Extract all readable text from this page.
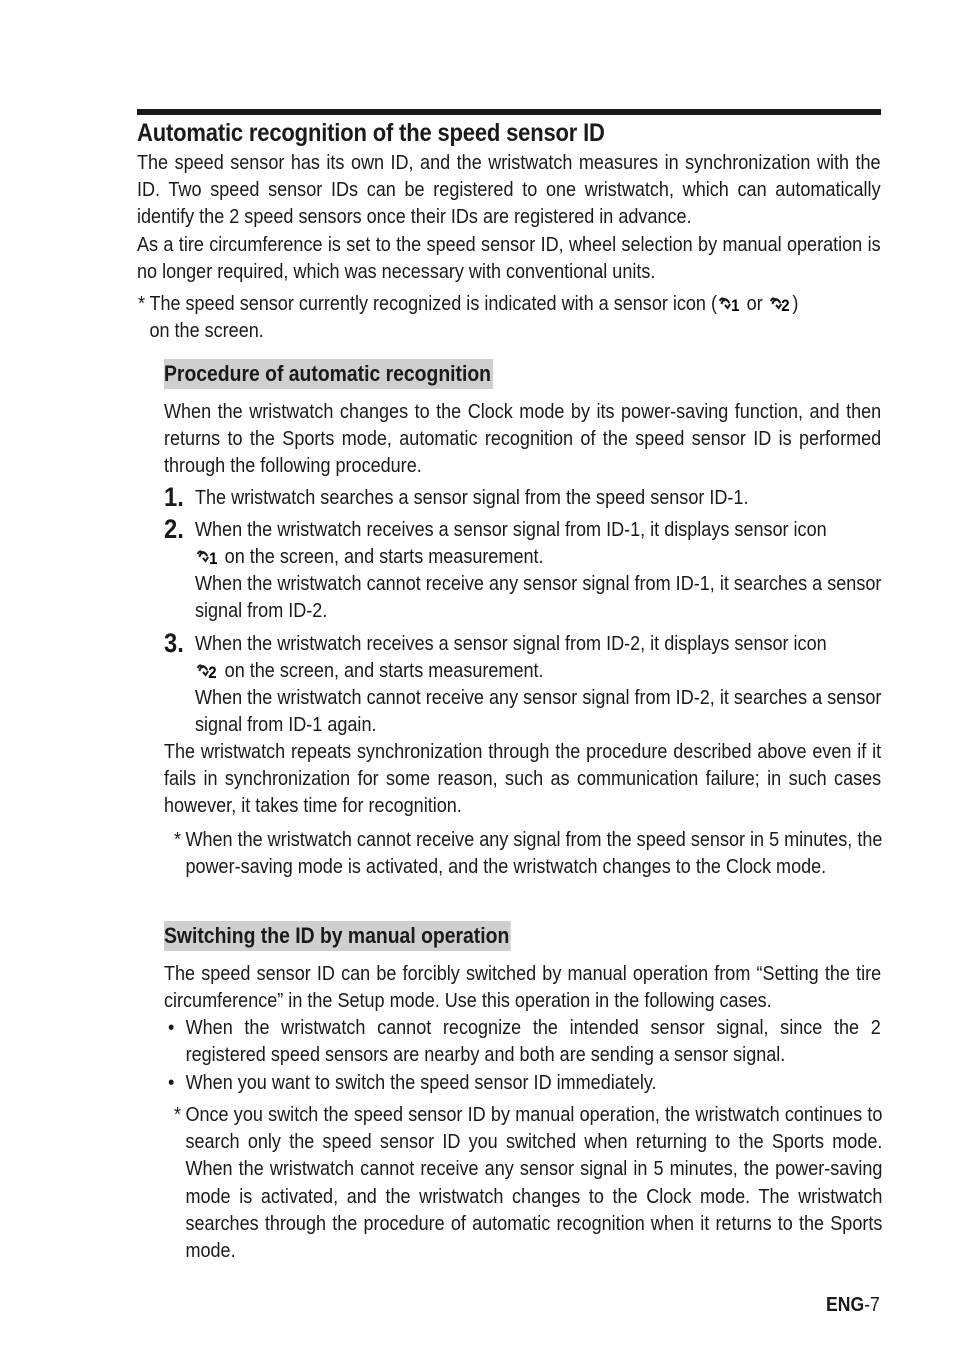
Automatic recognition of the speed sensor ID
The speed sensor has its own ID, and the wristwatch measures in synchronization with the ID. Two speed sensor IDs can be registered to one wristwatch, which can automatically identify the 2 speed sensors once their IDs are registered in advance.
As a tire circumference is set to the speed sensor ID, wheel selection by manual operation is no longer required, which was necessary with conventional units.
* The speed sensor currently recognized is indicated with a sensor icon ( 1 or 2 )
on the screen.
Procedure of automatic recognition
When the wristwatch changes to the Clock mode by its power-saving function, and then returns to the Sports mode, automatic recognition of the speed sensor ID is performed through the following procedure.
1. The wristwatch searches a sensor signal from the speed sensor ID-1.
2. When the wristwatch receives a sensor signal from ID-1, it displays sensor icon
1 on the screen, and starts measurement.
When the wristwatch cannot receive any sensor signal from ID-1, it searches a sensor signal from ID-2.
3. When the wristwatch receives a sensor signal from ID-2, it displays sensor icon
2 on the screen, and starts measurement.
When the wristwatch cannot receive any sensor signal from ID-2, it searches a sensor signal from ID-1 again.
The wristwatch repeats synchronization through the procedure described above even if it fails in synchronization for some reason, such as communication failure; in such cases however, it takes time for recognition.
* When the wristwatch cannot receive any signal from the speed sensor in 5 minutes, the power-saving mode is activated, and the wristwatch changes to the Clock mode.
Switching the ID by manual operation
The speed sensor ID can be forcibly switched by manual operation from “Setting the tire circumference” in the Setup mode. Use this operation in the following cases.
• When the wristwatch cannot recognize the intended sensor signal, since the 2 registered speed sensors are nearby and both are sending a sensor signal.
• When you want to switch the speed sensor ID immediately.
* Once you switch the speed sensor ID by manual operation, the wristwatch continues to search only the speed sensor ID you switched when returning to the Sports mode. When the wristwatch cannot receive any sensor signal in 5 minutes, the power-saving mode is activated, and the wristwatch changes to the Clock mode. The wristwatch searches through the procedure of automatic recognition when it returns to the Sports mode.
ENG-7
